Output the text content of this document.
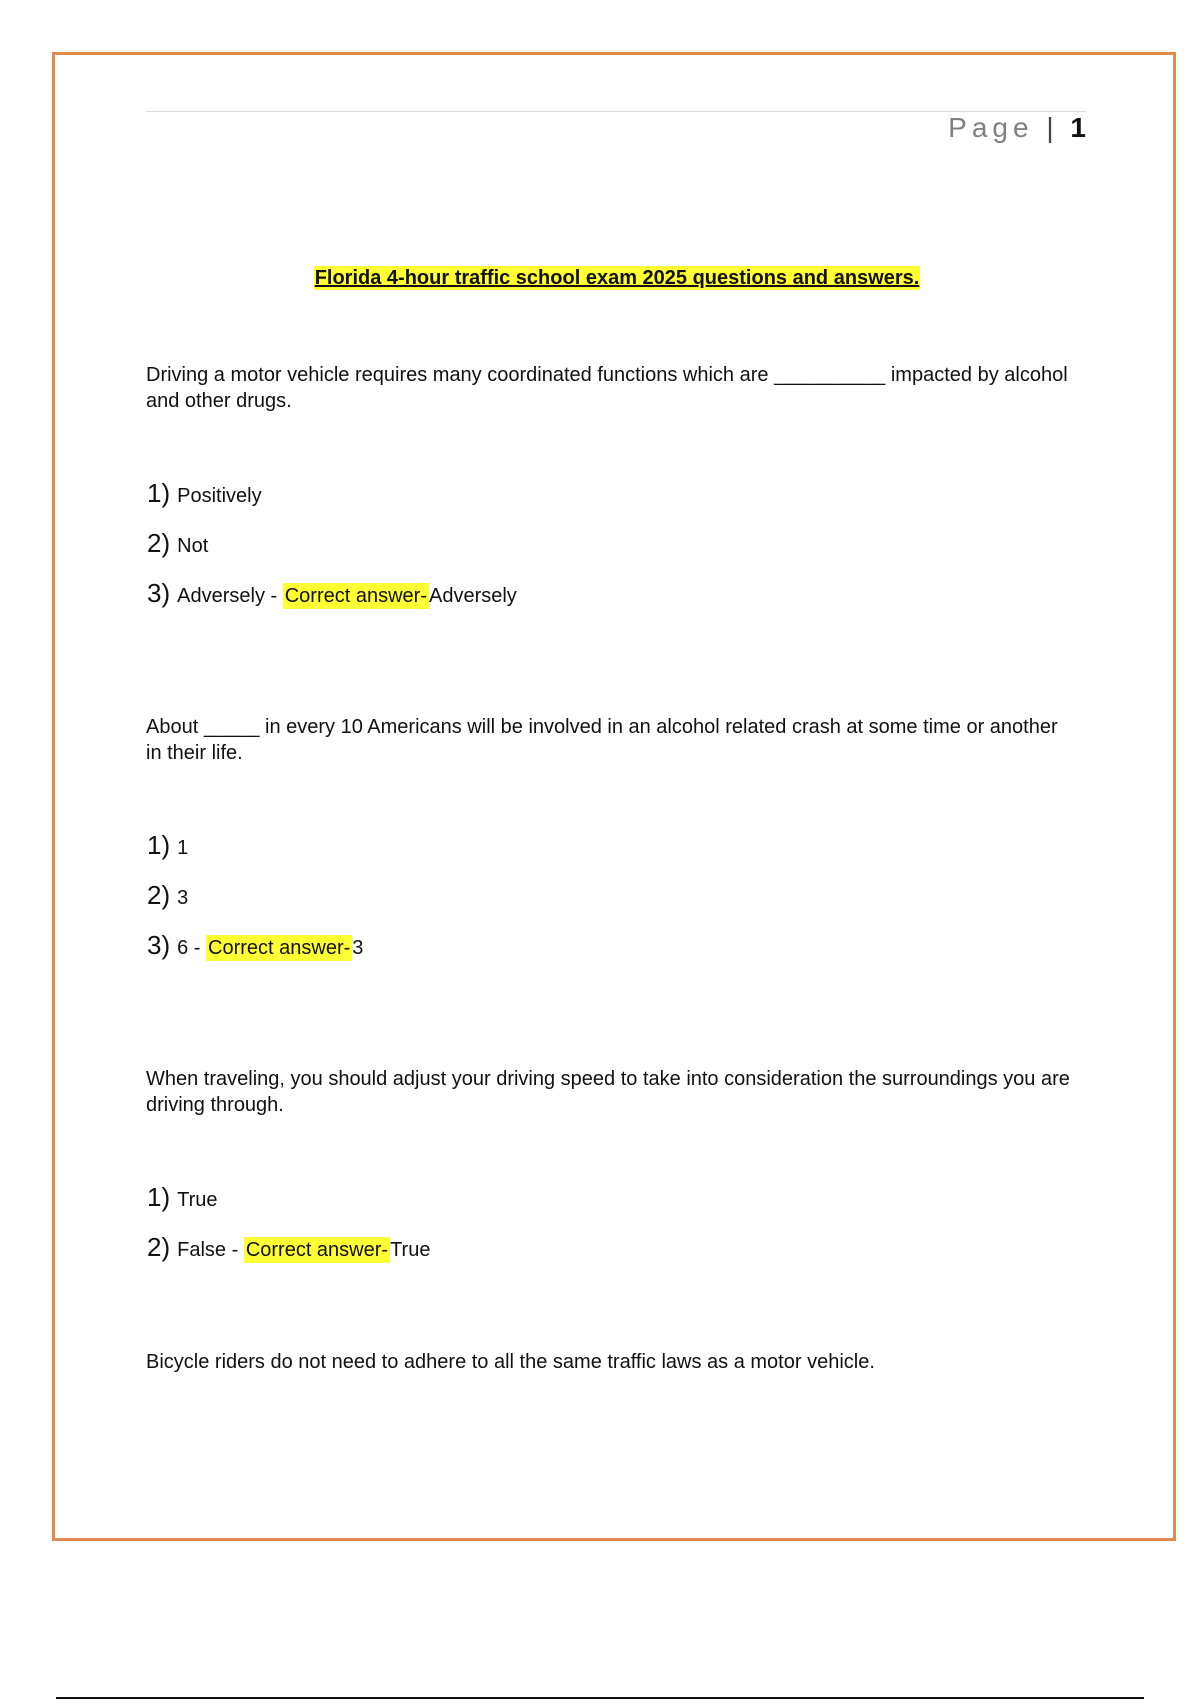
Page | 1
Florida 4-hour traffic school exam 2025 questions and answers.
Driving a motor vehicle requires many coordinated functions which are __________ impacted by alcohol and other drugs.
1) Positively
2) Not
3) Adversely - Correct answer- Adversely
About _____ in every 10 Americans will be involved in an alcohol related crash at some time or another in their life.
1) 1
2) 3
3) 6 - Correct answer- 3
When traveling, you should adjust your driving speed to take into consideration the surroundings you are driving through.
1) True
2) False - Correct answer- True
Bicycle riders do not need to adhere to all the same traffic laws as a motor vehicle.
